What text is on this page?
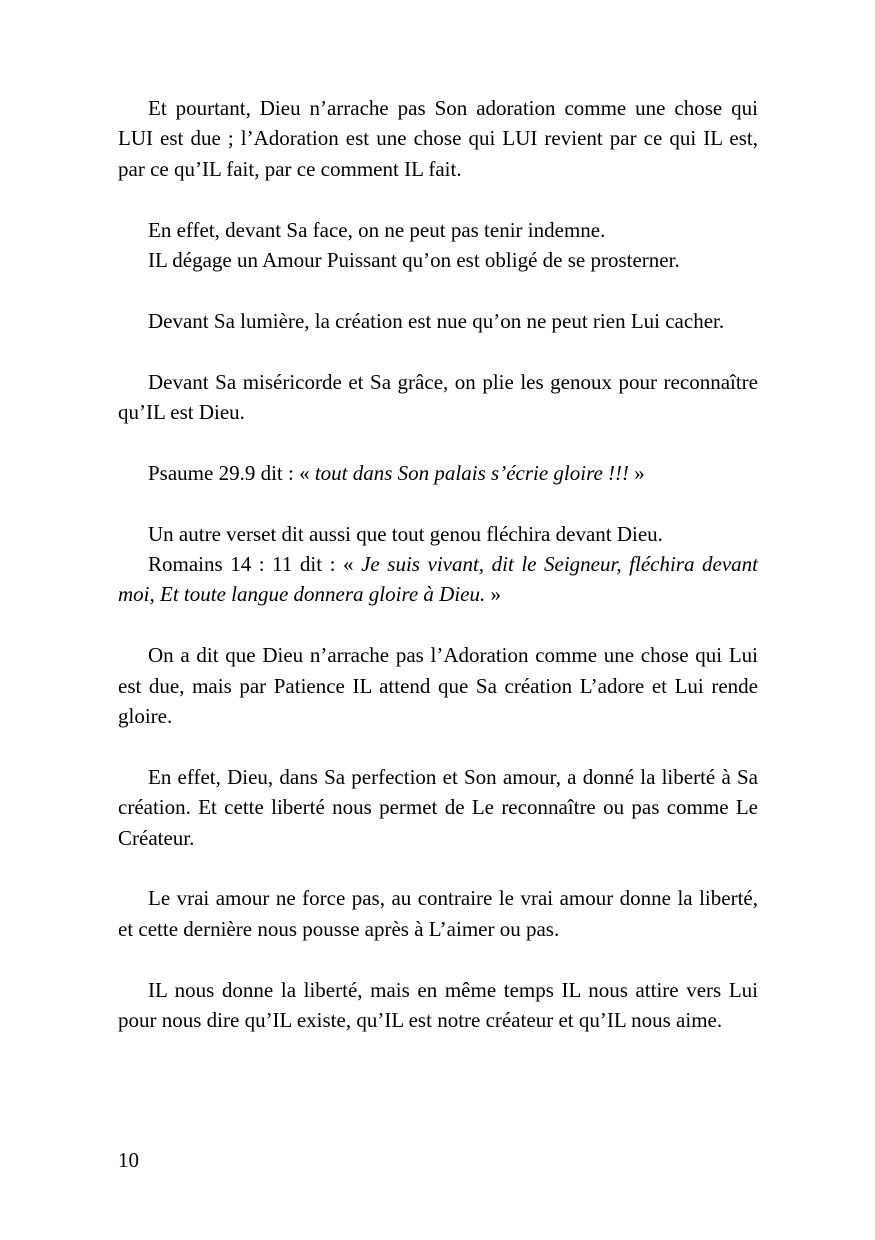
Et pourtant, Dieu n’arrache pas Son adoration comme une chose qui LUI est due ; l’Adoration est une chose qui LUI revient par ce qui IL est, par ce qu’IL fait, par ce comment IL fait.

En effet, devant Sa face, on ne peut pas tenir indemne.

IL dégage un Amour Puissant qu’on est obligé de se prosterner.

Devant Sa lumière, la création est nue qu’on ne peut rien Lui cacher.

Devant Sa miséricorde et Sa grâce, on plie les genoux pour reconnaître qu’IL est Dieu.

Psaume 29.9 dit : « tout dans Son palais s’écrie gloire !!! »

Un autre verset dit aussi que tout genou fléchira devant Dieu.

Romains 14 : 11 dit : « Je suis vivant, dit le Seigneur, fléchira devant moi, Et toute langue donnera gloire à Dieu. »

On a dit que Dieu n’arrache pas l’Adoration comme une chose qui Lui est due, mais par Patience IL attend que Sa création L’adore et Lui rende gloire.

En effet, Dieu, dans Sa perfection et Son amour, a donné la liberté à Sa création. Et cette liberté nous permet de Le reconnaître ou pas comme Le Créateur.

Le vrai amour ne force pas, au contraire le vrai amour donne la liberté, et cette dernière nous pousse après à L’aimer ou pas.

IL nous donne la liberté, mais en même temps IL nous attire vers Lui pour nous dire qu’IL existe, qu’IL est notre créateur et qu’IL nous aime.

10
